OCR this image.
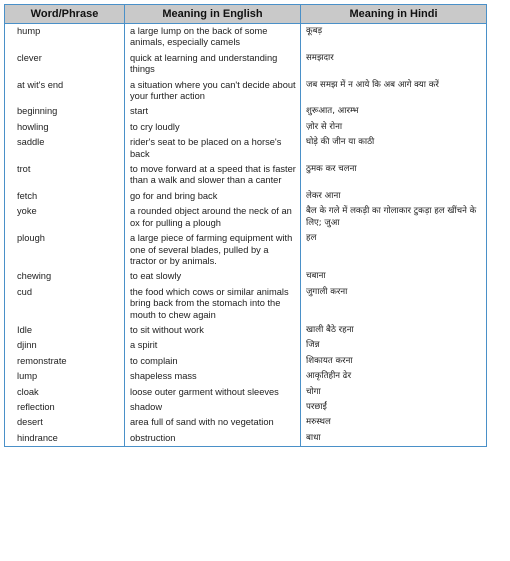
Word/Phrase	Meaning in English	Meaning in Hindi
hump	a large lump on the back of some animals, especially camels	कूबड़
clever	quick at learning and understanding things	समझदार
at wit's end	a situation where you can't decide about your further action	जब समझ में न आये कि अब आगे क्या करें
beginning	start	शुरूआत, आरम्भ
howling	to cry loudly	ज़ोर से रोना
saddle	rider's seat to be placed on a horse's back	घोड़े की जीन या काठी
trot	to move forward at a speed that is faster than a walk and slower than a canter	ठुमक कर चलना
fetch	go for and bring back	लेकर आना
yoke	a rounded object around the neck of an ox for pulling a plough	बैल के गले में लकड़ी का गोलाकार टुकड़ा हल खींचने के लिए; जुआ
plough	a large piece of farming equipment with one of several blades, pulled by a tractor or by animals.	हल
chewing	to eat slowly	चबाना
cud	the food which cows or similar animals bring back from the stomach into the mouth to chew again	जुगाली करना
Idle	to sit without work	खाली बैठे रहना
djinn	a spirit	जिन्न
remonstrate	to complain	शिकायत करना
lump	shapeless mass	आकृतिहीन ढेर
cloak	loose outer garment without sleeves	चोगा
reflection	shadow	परछाईं
desert	area full of sand with no vegetation	मरुस्थल
hindrance	obstruction	बाधा
